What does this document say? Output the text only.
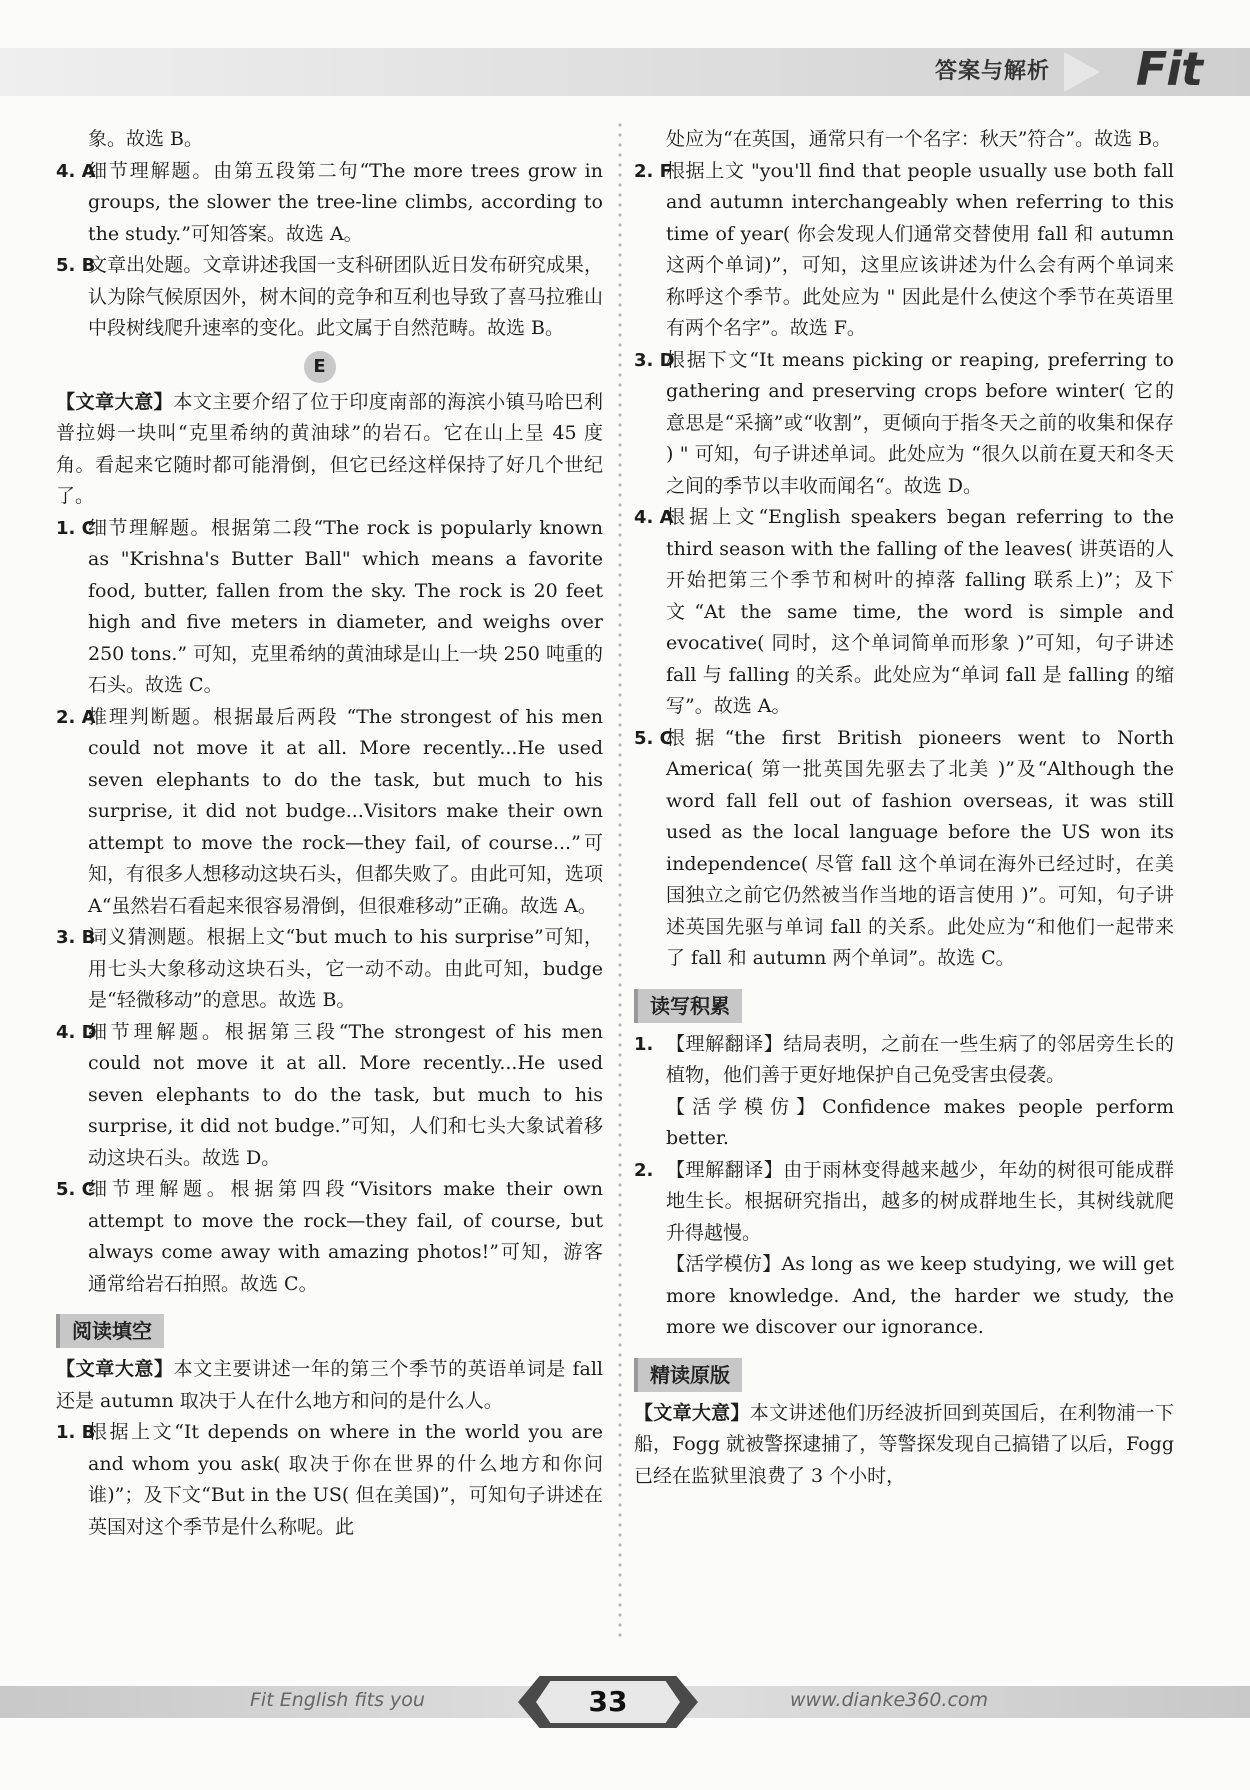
答案与解析 Fit

象。故选 B。

4. A
细节理解题。由第五段第二句“The more trees grow in groups, the slower the tree-line climbs, according to the study.”可知答案。故选 A。

5. B
文章出处题。文章讲述我国一支科研团队近日发布研究成果，认为除气候原因外，树木间的竞争和互利也导致了喜马拉雅山中段树线爬升速率的变化。此文属于自然范畴。故选 B。

E

【文章大意】本文主要介绍了位于印度南部的海滨小镇马哈巴利普拉姆一块叫“克里希纳的黄油球”的岩石。它在山上呈 45 度角。看起来它随时都可能滑倒，但它已经这样保持了好几个世纪了。

1. C
细节理解题。根据第二段“The rock is popularly known as "Krishna's Butter Ball" which means a favorite food, butter, fallen from the sky. The rock is 20 feet high and five meters in diameter, and weighs over 250 tons.” 可知，克里希纳的黄油球是山上一块 250 吨重的石头。故选 C。

2. A
推理判断题。根据最后两段 “The strongest of his men could not move it at all. More recently...He used seven elephants to do the task, but much to his surprise, it did not budge...Visitors make their own attempt to move the rock—they fail, of course...”可知，有很多人想移动这块石头，但都失败了。由此可知，选项 A“虽然岩石看起来很容易滑倒，但很难移动”正确。故选 A。

3. B
词义猜测题。根据上文“but much to his surprise”可知，用七头大象移动这块石头，它一动不动。由此可知，budge 是“轻微移动”的意思。故选 B。

4. D
细节理解题。根据第三段“The strongest of his men could not move it at all. More recently...He used seven elephants to do the task, but much to his surprise, it did not budge.”可知，人们和七头大象试着移动这块石头。故选 D。

5. C
细节理解题。根据第四段“Visitors make their own attempt to move the rock—they fail, of course, but always come away with amazing photos!”可知，游客通常给岩石拍照。故选 C。

阅读填空

【文章大意】本文主要讲述一年的第三个季节的英语单词是 fall 还是 autumn 取决于人在什么地方和问的是什么人。

1. B
根据上文“It depends on where in the world you are and whom you ask( 取决于你在世界的什么地方和你问谁)”；及下文“But in the US( 但在美国)”，可知句子讲述在英国对这个季节是什么称呢。此

处应为“在英国，通常只有一个名字：秋天”符合”。故选 B。

2. F
根据上文 "you'll find that people usually use both fall and autumn interchangeably when referring to this time of year( 你会发现人们通常交替使用 fall 和 autumn 这两个单词)”，可知，这里应该讲述为什么会有两个单词来称呼这个季节。此处应为 " 因此是什么使这个季节在英语里有两个名字”。故选 F。

3. D
根据下文“It means picking or reaping, preferring to gathering and preserving crops before winter( 它的意思是“采摘”或“收割”，更倾向于指冬天之前的收集和保存 ) " 可知，句子讲述单词。此处应为 “很久以前在夏天和冬天之间的季节以丰收而闻名“。故选 D。

4. A
根据上文“English speakers began referring to the third season with the falling of the leaves( 讲英语的人开始把第三个季节和树叶的掉落 falling 联系上)”；及下文“At the same time, the word is simple and evocative( 同时，这个单词简单而形象 )”可知，句子讲述 fall 与 falling 的关系。此处应为“单词 fall 是 falling 的缩写”。故选 A。

5. C
根据“the first British pioneers went to North America( 第一批英国先驱去了北美 )”及“Although the word fall fell out of fashion overseas, it was still used as the local language before the US won its independence( 尽管 fall 这个单词在海外已经过时，在美国独立之前它仍然被当作当地的语言使用 )”。可知，句子讲述英国先驱与单词 fall 的关系。此处应为“和他们一起带来了 fall 和 autumn 两个单词”。故选 C。

读写积累

1. 【理解翻译】结局表明，之前在一些生病了的邻居旁生长的植物，他们善于更好地保护自己免受害虫侵袭。

【活学模仿】Confidence makes people perform better.

2. 【理解翻译】由于雨林变得越来越少，年幼的树很可能成群地生长。根据研究指出，越多的树成群地生长，其树线就爬升得越慢。

【活学模仿】As long as we keep studying, we will get more knowledge. And, the harder we study, the more we discover our ignorance.

精读原版

【文章大意】本文讲述他们历经波折回到英国后，在利物浦一下船，Fogg 就被警探逮捕了，等警探发现自己搞错了以后，Fogg 已经在监狱里浪费了 3 个小时，

Fit English fits you	33	www.dianke360.com
